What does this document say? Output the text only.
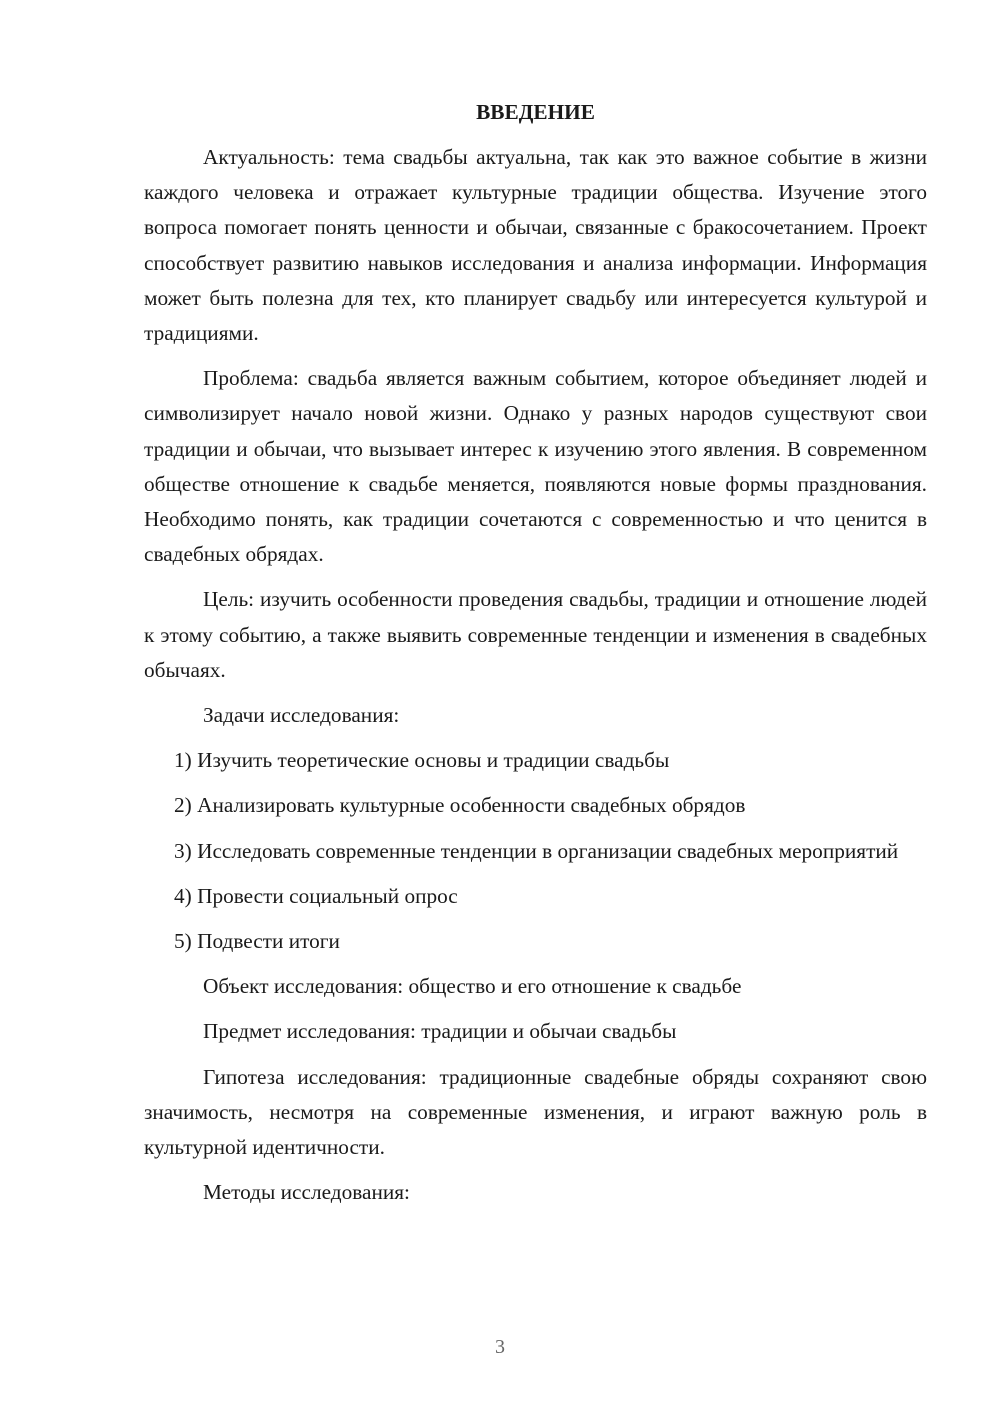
ВВЕДЕНИЕ

Актуальность: тема свадьбы актуальна, так как это важное событие в жизни каждого человека и отражает культурные традиции общества. Изучение этого вопроса помогает понять ценности и обычаи, связанные с бракосочетанием. Проект способствует развитию навыков исследования и анализа информации. Информация может быть полезна для тех, кто планирует свадьбу или интересуется культурой и традициями.

Проблема: свадьба является важным событием, которое объединяет людей и символизирует начало новой жизни. Однако у разных народов существуют свои традиции и обычаи, что вызывает интерес к изучению этого явления. В современном обществе отношение к свадьбе меняется, появляются новые формы празднования. Необходимо понять, как традиции сочетаются с современностью и что ценится в свадебных обрядах.

Цель: изучить особенности проведения свадьбы, традиции и отношение людей к этому событию, а также выявить современные тенденции и изменения в свадебных обычаях.

Задачи исследования:

1) Изучить теоретические основы и традиции свадьбы

2) Анализировать культурные особенности свадебных обрядов

3) Исследовать современные тенденции в организации свадебных мероприятий

4) Провести социальный опрос

5) Подвести итоги

Объект исследования: общество и его отношение к свадьбе

Предмет исследования: традиции и обычаи свадьбы

Гипотеза исследования: традиционные свадебные обряды сохраняют свою значимость, несмотря на современные изменения, и играют важную роль в культурной идентичности.

Методы исследования:

3
